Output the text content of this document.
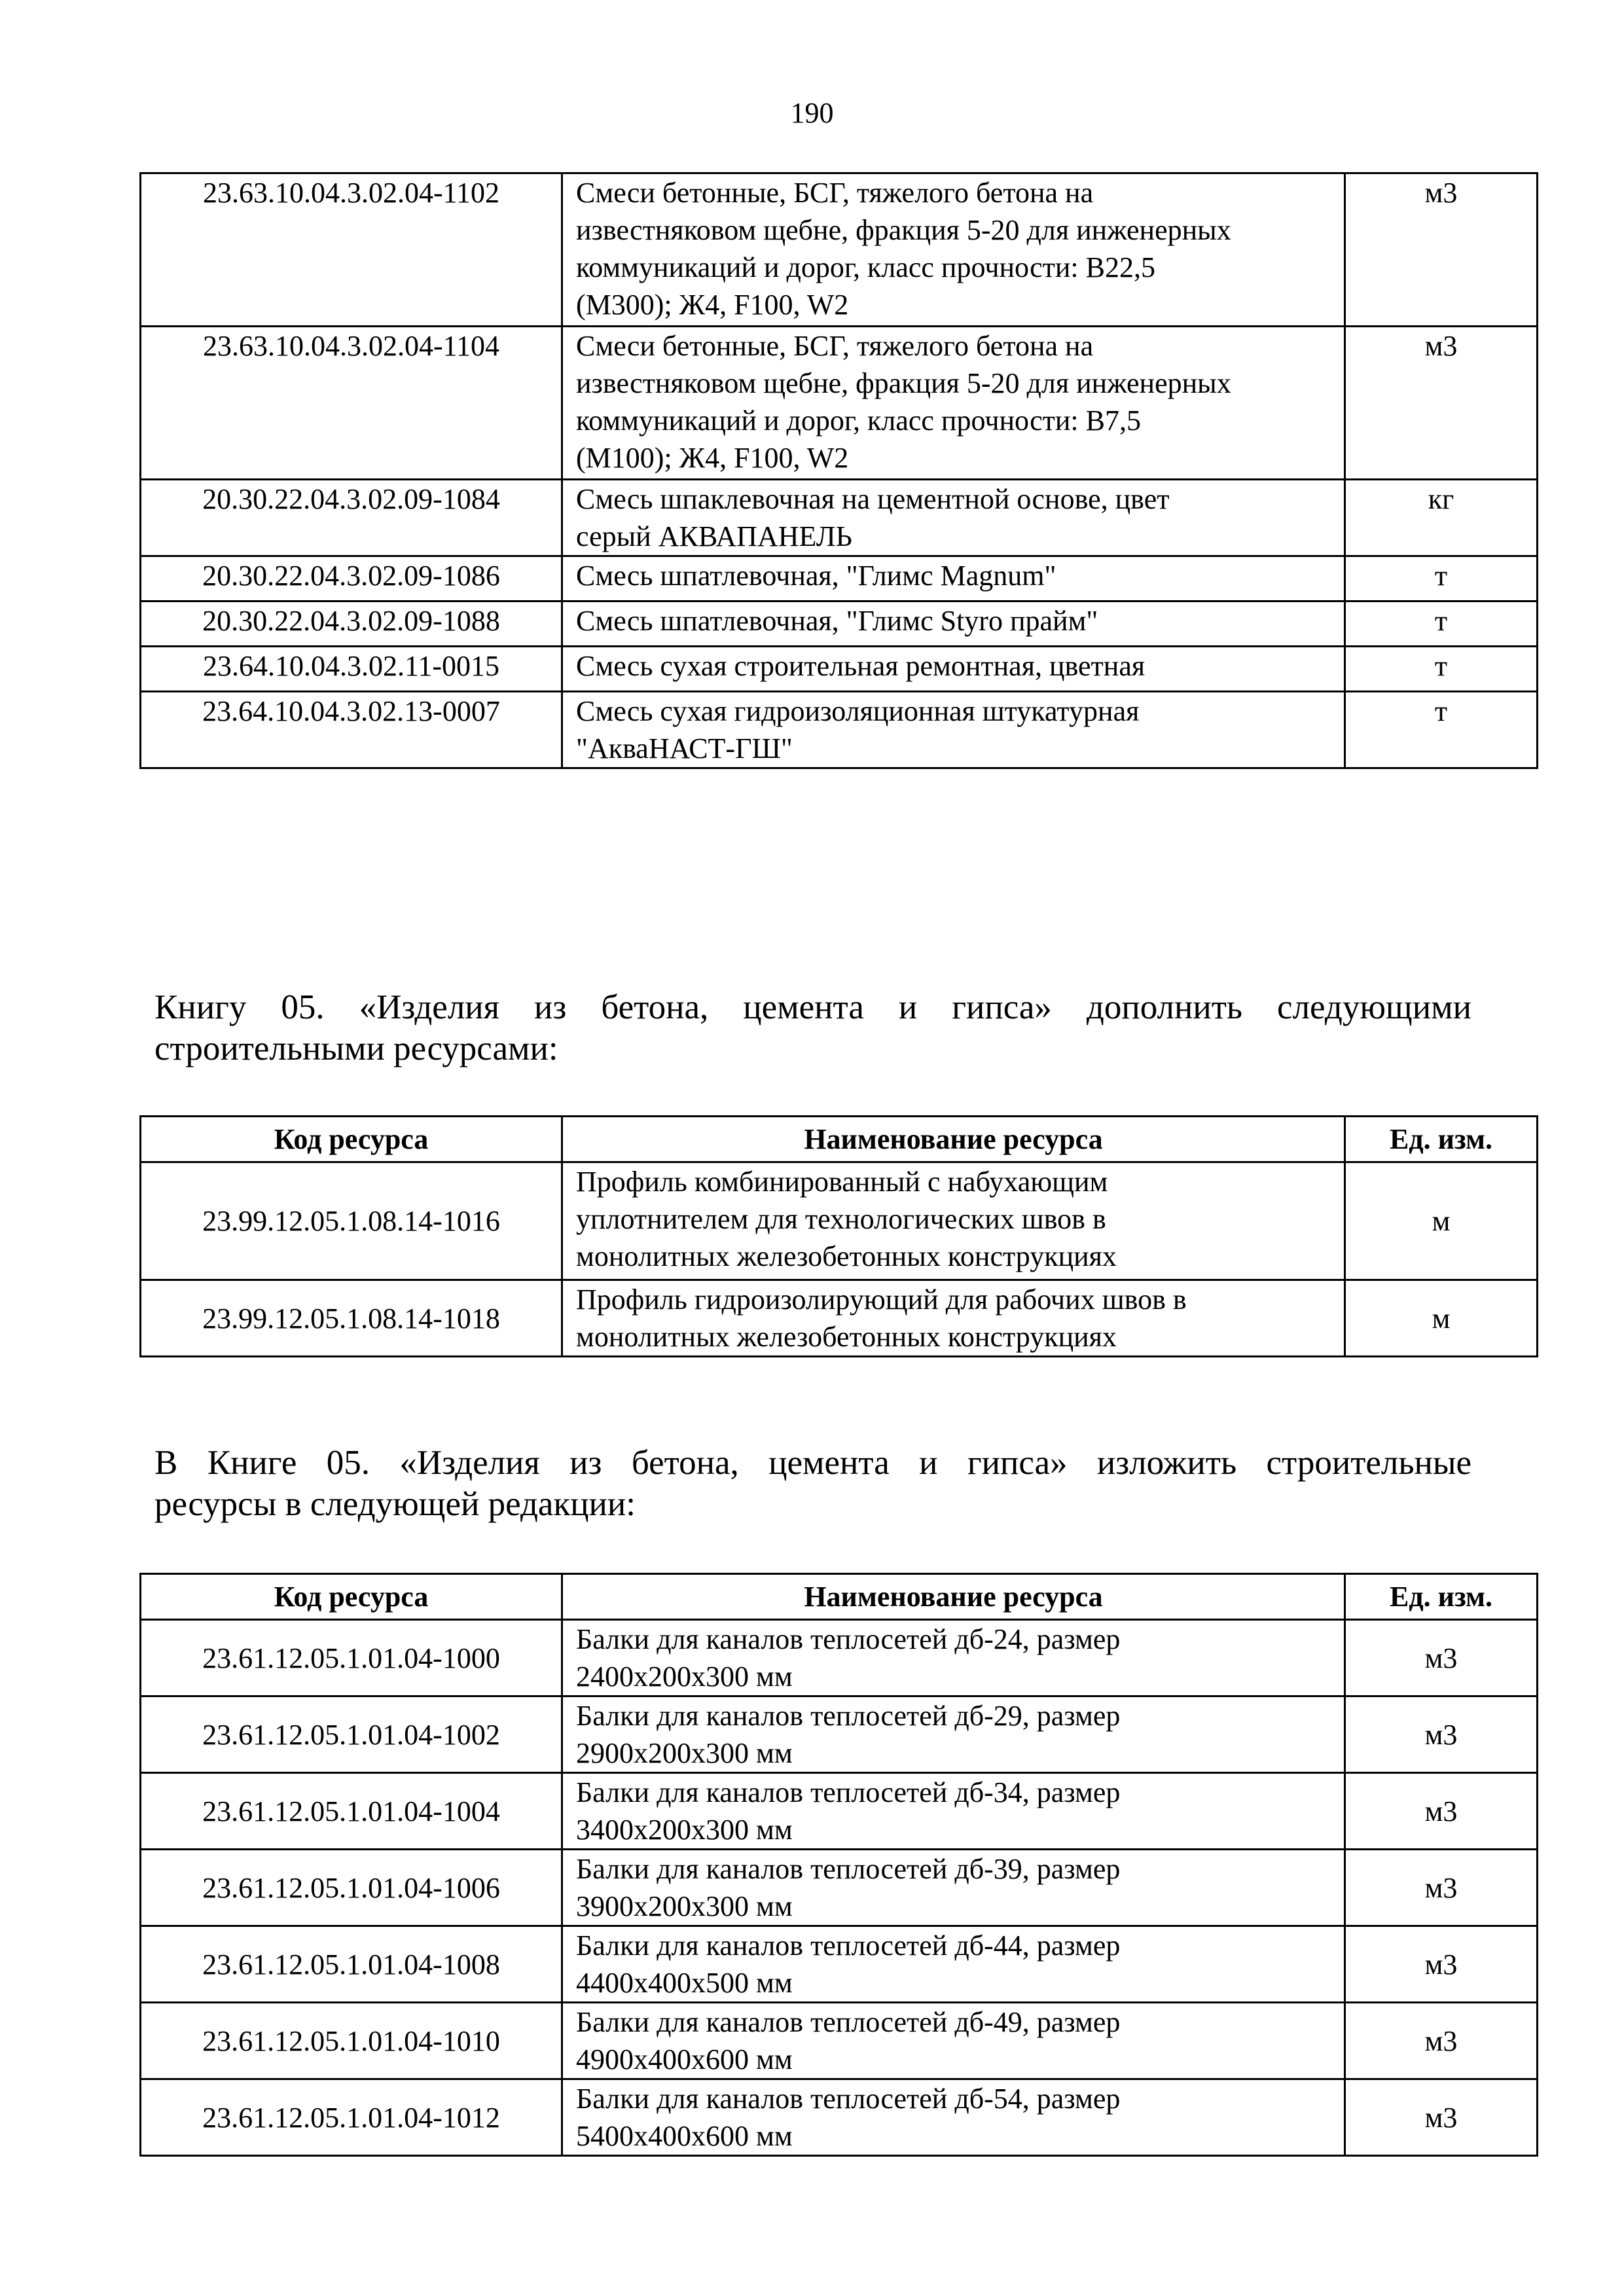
190
23.63.10.04.3.02.04-1102	Смеси бетонные, БСГ, тяжелого бетона на
известняковом щебне, фракция 5-20 для инженерных
коммуникаций и дорог, класс прочности: В22,5
(М300); Ж4, F100, W2	м3
23.63.10.04.3.02.04-1104	Смеси бетонные, БСГ, тяжелого бетона на
известняковом щебне, фракция 5-20 для инженерных
коммуникаций и дорог, класс прочности: В7,5
(М100); Ж4, F100, W2	м3
20.30.22.04.3.02.09-1084	Смесь шпаклевочная на цементной основе, цвет
серый АКВАПАНЕЛЬ	кг
20.30.22.04.3.02.09-1086	Смесь шпатлевочная, "Глимс Magnum"	т
20.30.22.04.3.02.09-1088	Смесь шпатлевочная, "Глимс Styro прайм"	т
23.64.10.04.3.02.11-0015	Смесь сухая строительная ремонтная, цветная	т
23.64.10.04.3.02.13-0007	Смесь сухая гидроизоляционная штукатурная
"АкваНАСТ-ГШ"	т
Книгу 05. «Изделия из бетона, цемента и гипса» дополнить следующими
строительными ресурсами:
Код ресурса	Наименование ресурса	Ед. изм.
23.99.12.05.1.08.14-1016	Профиль комбинированный с набухающим
уплотнителем для технологических швов в
монолитных железобетонных конструкциях	м
23.99.12.05.1.08.14-1018	Профиль гидроизолирующий для рабочих швов в
монолитных железобетонных конструкциях	м
В Книге 05. «Изделия из бетона, цемента и гипса» изложить строительные
ресурсы в следующей редакции:
Код ресурса	Наименование ресурса	Ед. изм.
23.61.12.05.1.01.04-1000	Балки для каналов теплосетей дб-24, размер
2400x200x300 мм	м3
23.61.12.05.1.01.04-1002	Балки для каналов теплосетей дб-29, размер
2900x200x300 мм	м3
23.61.12.05.1.01.04-1004	Балки для каналов теплосетей дб-34, размер
3400x200x300 мм	м3
23.61.12.05.1.01.04-1006	Балки для каналов теплосетей дб-39, размер
3900x200x300 мм	м3
23.61.12.05.1.01.04-1008	Балки для каналов теплосетей дб-44, размер
4400x400x500 мм	м3
23.61.12.05.1.01.04-1010	Балки для каналов теплосетей дб-49, размер
4900x400x600 мм	м3
23.61.12.05.1.01.04-1012	Балки для каналов теплосетей дб-54, размер
5400x400x600 мм	м3
